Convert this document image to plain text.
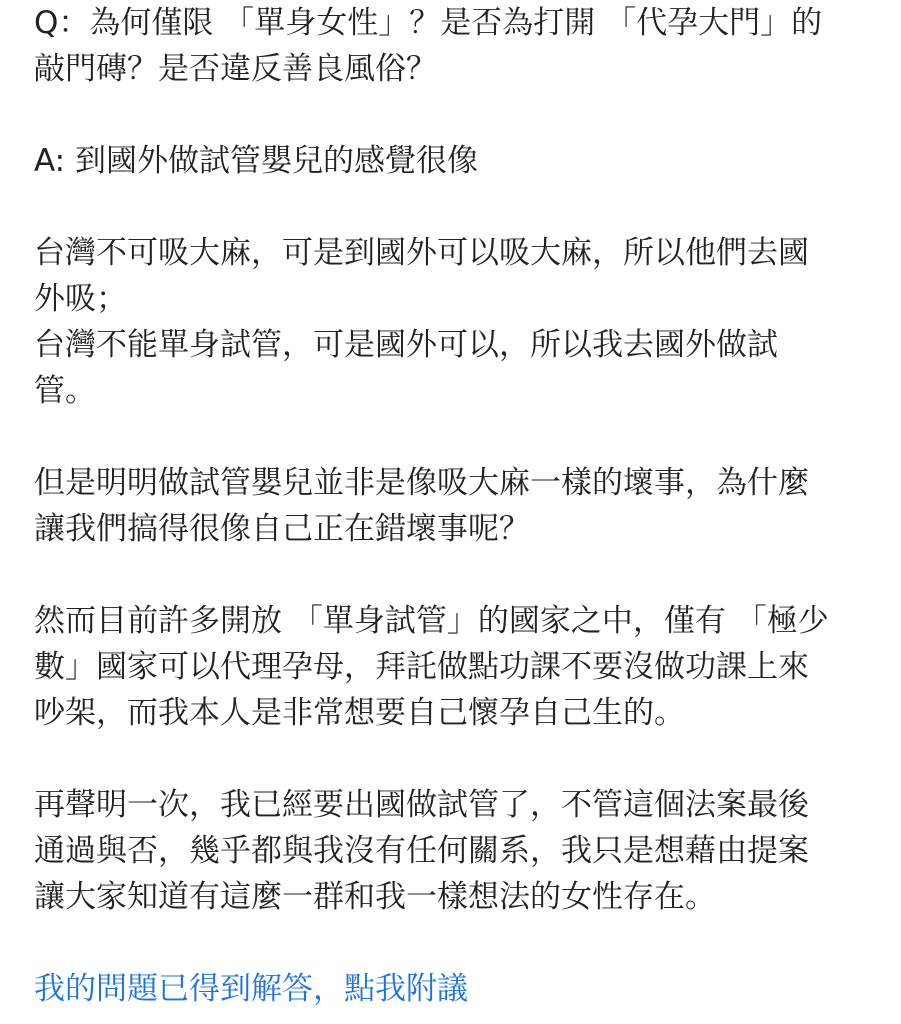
Q：為何僅限 「單身女性」？是否為打開 「代孕大門」的
敲門磚？是否違反善良風俗？
A: 到國外做試管嬰兒的感覺很像
台灣不可吸大麻，可是到國外可以吸大麻，所以他們去國
外吸；
台灣不能單身試管，可是國外可以，所以我去國外做試
管。
但是明明做試管嬰兒並非是像吸大麻一樣的壞事，為什麼
讓我們搞得很像自己正在錯壞事呢？
然而目前許多開放 「單身試管」的國家之中，僅有 「極少
數」國家可以代理孕母，拜託做點功課不要沒做功課上來
吵架，而我本人是非常想要自己懷孕自己生的。
再聲明一次，我已經要出國做試管了，不管這個法案最後
通過與否，幾乎都與我沒有任何關系，我只是想藉由提案
讓大家知道有這麼一群和我一樣想法的女性存在。
我的問題已得到解答，點我附議
